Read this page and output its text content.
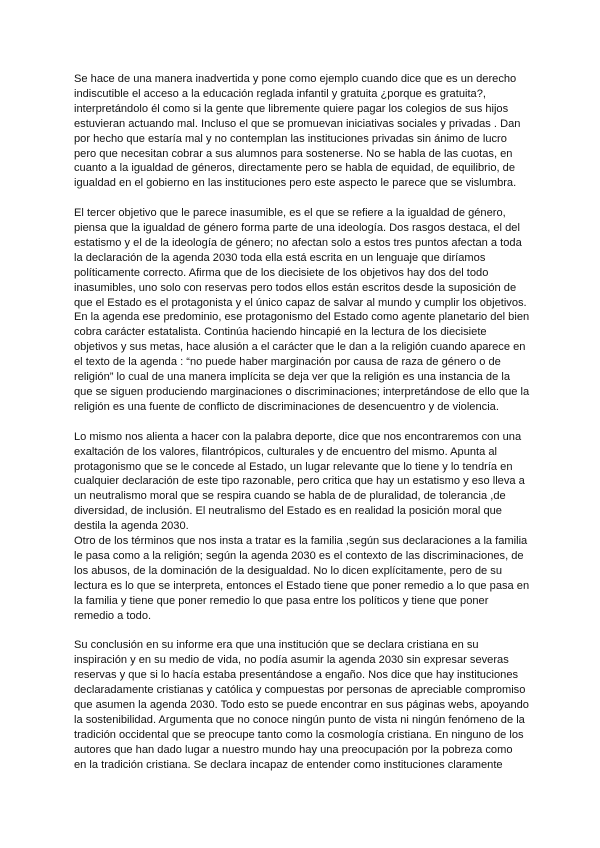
Se hace de una manera inadvertida y pone como ejemplo cuando dice que es un derecho
indiscutible el acceso a la educación reglada infantil y gratuita ¿porque es gratuita?,
interpretándolo él como si la gente que libremente quiere pagar los colegios de sus hijos
estuvieran actuando mal. Incluso el que se promuevan iniciativas sociales y privadas . Dan
por hecho que estaría mal y no contemplan las instituciones privadas sin ánimo de lucro
pero que necesitan cobrar a sus alumnos para sostenerse. No se habla de las cuotas, en
cuanto a la igualdad de géneros, directamente pero se habla de equidad, de equilibrio, de
igualdad en el gobierno en las instituciones pero este aspecto le parece que se vislumbra.

El tercer objetivo que le parece inasumible, es el que se refiere a la igualdad de género,
piensa que la igualdad de género forma parte de una ideología. Dos rasgos destaca, el del
estatismo y el de la ideología de género; no afectan solo a estos tres puntos afectan a toda
la declaración de la agenda 2030 toda ella está escrita en un lenguaje que diríamos
políticamente correcto. Afirma que de los diecisiete de los objetivos hay dos del todo
inasumibles, uno solo con reservas pero todos ellos están escritos desde la suposición de
que el Estado es el protagonista y el único capaz de salvar al mundo y cumplir los objetivos.
En la agenda ese predominio, ese protagonismo del Estado como agente planetario del bien
cobra carácter estatalista. Continúa haciendo hincapié en la lectura de los diecisiete
objetivos y sus metas, hace alusión a el carácter que le dan a la religión cuando aparece en
el texto de la agenda : “no puede haber marginación por causa de raza de género o de
religión” lo cual de una manera implícita se deja ver que la religión es una instancia de la
que se siguen produciendo marginaciones o discriminaciones; interpretándose de ello que la
religión es una fuente de conflicto de discriminaciones de desencuentro y de violencia.

Lo mismo nos alienta a hacer con la palabra deporte, dice que nos encontraremos con una
exaltación de los valores, filantrópicos, culturales y de encuentro del mismo. Apunta al
protagonismo que se le concede al Estado, un lugar relevante que lo tiene y lo tendría en
cualquier declaración de este tipo razonable, pero critica que hay un estatismo y eso lleva a
un neutralismo moral que se respira cuando se habla de de pluralidad, de tolerancia ,de
diversidad, de inclusión. El neutralismo del Estado es en realidad la posición moral que
destila la agenda 2030.
Otro de los términos que nos insta a tratar es la familia ,según sus declaraciones a la familia
le pasa como a la religión; según la agenda 2030 es el contexto de las discriminaciones, de
los abusos, de la dominación de la desigualdad. No lo dicen explícitamente, pero de su
lectura es lo que se interpreta, entonces el Estado tiene que poner remedio a lo que pasa en
la familia y tiene que poner remedio lo que pasa entre los políticos y tiene que poner
remedio a todo.

Su conclusión en su informe era que una institución que se declara cristiana en su
inspiración y en su medio de vida, no podía asumir la agenda 2030 sin expresar severas
reservas y que si lo hacía estaba presentándose a engaño. Nos dice que hay instituciones
declaradamente cristianas y católica y compuestas por personas de apreciable compromiso
que asumen la agenda 2030. Todo esto se puede encontrar en sus páginas webs, apoyando
la sostenibilidad. Argumenta que no conoce ningún punto de vista ni ningún fenómeno de la
tradición occidental que se preocupe tanto como la cosmología cristiana. En ninguno de los
autores que han dado lugar a nuestro mundo hay una preocupación por la pobreza como
en la tradición cristiana. Se declara incapaz de entender como instituciones claramente
